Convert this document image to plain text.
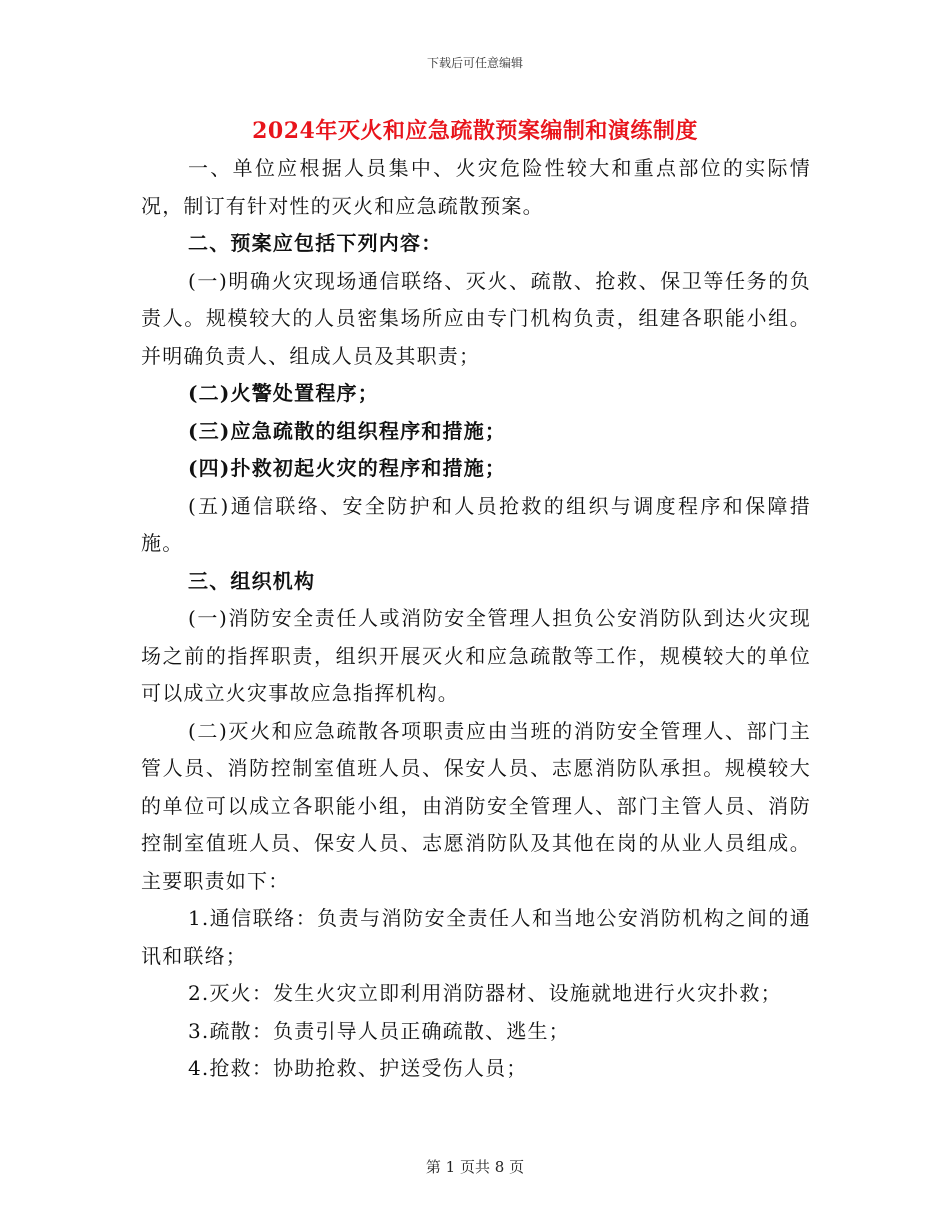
下载后可任意编辑
2024年灭火和应急疏散预案编制和演练制度

一、单位应根据人员集中、火灾危险性较大和重点部位的实际情况，制订有针对性的灭火和应急疏散预案。

二、预案应包括下列内容：

(一)明确火灾现场通信联络、灭火、疏散、抢救、保卫等任务的负责人。规模较大的人员密集场所应由专门机构负责，组建各职能小组。并明确负责人、组成人员及其职责；

(二)火警处置程序；

(三)应急疏散的组织程序和措施；

(四)扑救初起火灾的程序和措施；

(五)通信联络、安全防护和人员抢救的组织与调度程序和保障措施。

三、组织机构

(一)消防安全责任人或消防安全管理人担负公安消防队到达火灾现场之前的指挥职责，组织开展灭火和应急疏散等工作，规模较大的单位可以成立火灾事故应急指挥机构。

(二)灭火和应急疏散各项职责应由当班的消防安全管理人、部门主管人员、消防控制室值班人员、保安人员、志愿消防队承担。规模较大的单位可以成立各职能小组，由消防安全管理人、部门主管人员、消防控制室值班人员、保安人员、志愿消防队及其他在岗的从业人员组成。主要职责如下：

1.通信联络：负责与消防安全责任人和当地公安消防机构之间的通讯和联络；

2.灭火：发生火灾立即利用消防器材、设施就地进行火灾扑救；

3.疏散：负责引导人员正确疏散、逃生；

4.抢救：协助抢救、护送受伤人员；

第 1 页共 8 页
